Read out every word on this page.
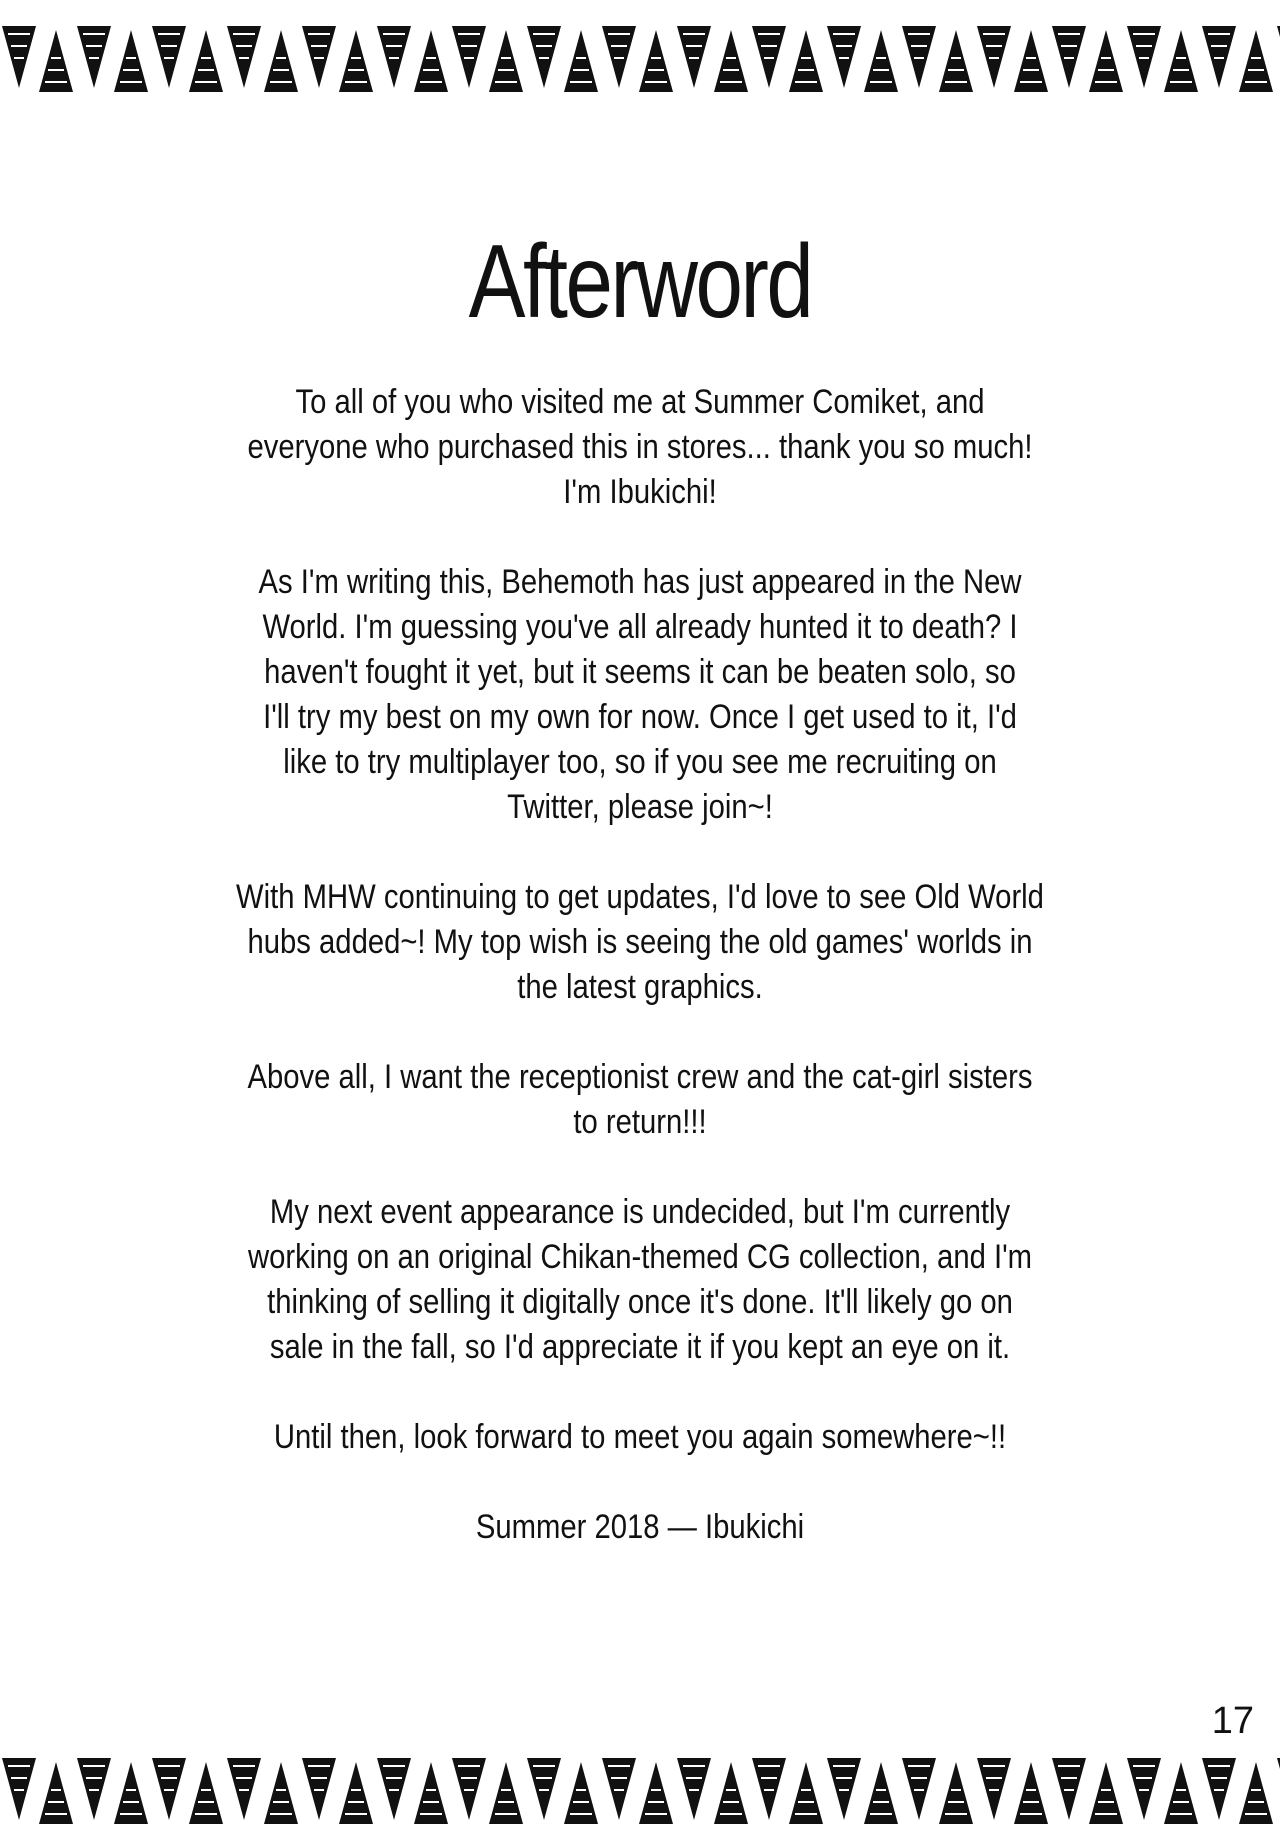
Afterword

To all of you who visited me at Summer Comiket, and
everyone who purchased this in stores... thank you so much!
I'm Ibukichi!

As I'm writing this, Behemoth has just appeared in the New
World. I'm guessing you've all already hunted it to death? I
haven't fought it yet, but it seems it can be beaten solo, so
I'll try my best on my own for now. Once I get used to it, I'd
like to try multiplayer too, so if you see me recruiting on
Twitter, please join~!

With MHW continuing to get updates, I'd love to see Old World
hubs added~! My top wish is seeing the old games' worlds in
the latest graphics.

Above all, I want the receptionist crew and the cat-girl sisters
to return!!!

My next event appearance is undecided, but I'm currently
working on an original Chikan-themed CG collection, and I'm
thinking of selling it digitally once it's done. It'll likely go on
sale in the fall, so I'd appreciate it if you kept an eye on it.

Until then, look forward to meet you again somewhere~!!

Summer 2018 — Ibukichi

17
